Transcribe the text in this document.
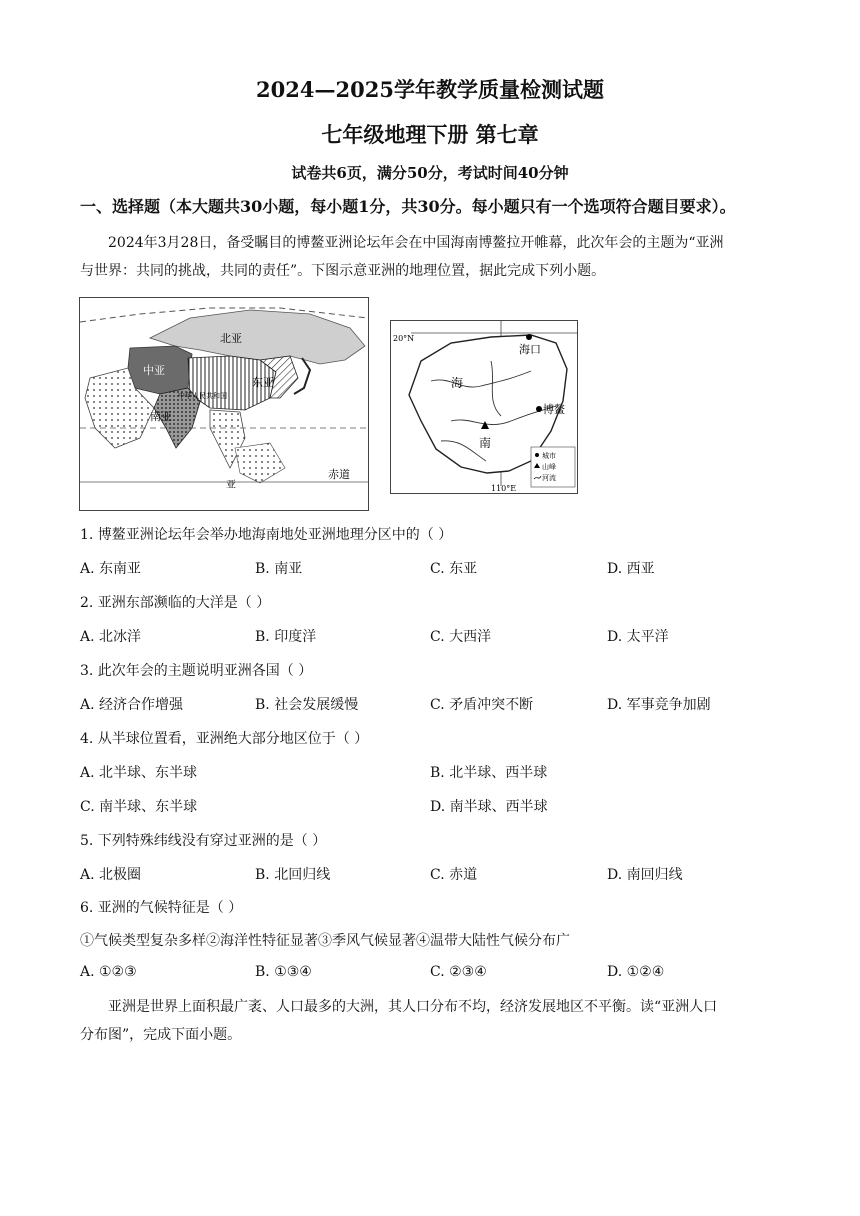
2024—2025学年教学质量检测试题
七年级地理下册 第七章
试卷共6页，满分50分，考试时间40分钟
一、选择题（本大题共30小题，每小题1分，共30分。每小题只有一个选项符合题目要求）。
2024年3月28日，备受瞩目的博鳌亚洲论坛年会在中国海南博鳌拉开帷幕，此次年会的主题为“亚洲
与世界：共同的挑战，共同的责任”。下图示意亚洲的地理位置，据此完成下列小题。
北亚
中亚
东亚
南亚
中华人民共和国
亚
赤道
20°N
110°E
海口
博鳌
海
南
城市
山峰
河流
1. 博鳌亚洲论坛年会举办地海南地处亚洲地理分区中的（ ）
A. 东南亚	B. 南亚	C. 东亚	D. 西亚
2. 亚洲东部濒临的大洋是（ ）
A. 北冰洋	B. 印度洋	C. 大西洋	D. 太平洋
3. 此次年会的主题说明亚洲各国（ ）
A. 经济合作增强	B. 社会发展缓慢	C. 矛盾冲突不断	D. 军事竞争加剧
4. 从半球位置看，亚洲绝大部分地区位于（ ）
A. 北半球、东半球	B. 北半球、西半球
C. 南半球、东半球	D. 南半球、西半球
5. 下列特殊纬线没有穿过亚洲的是（ ）
A. 北极圈	B. 北回归线	C. 赤道	D. 南回归线
6. 亚洲的气候特征是（ ）
①气候类型复杂多样②海洋性特征显著③季风气候显著④温带大陆性气候分布广
A. ①②③	B. ①③④	C. ②③④	D. ①②④
亚洲是世界上面积最广袤、人口最多的大洲，其人口分布不均，经济发展地区不平衡。读“亚洲人口
分布图”，完成下面小题。
